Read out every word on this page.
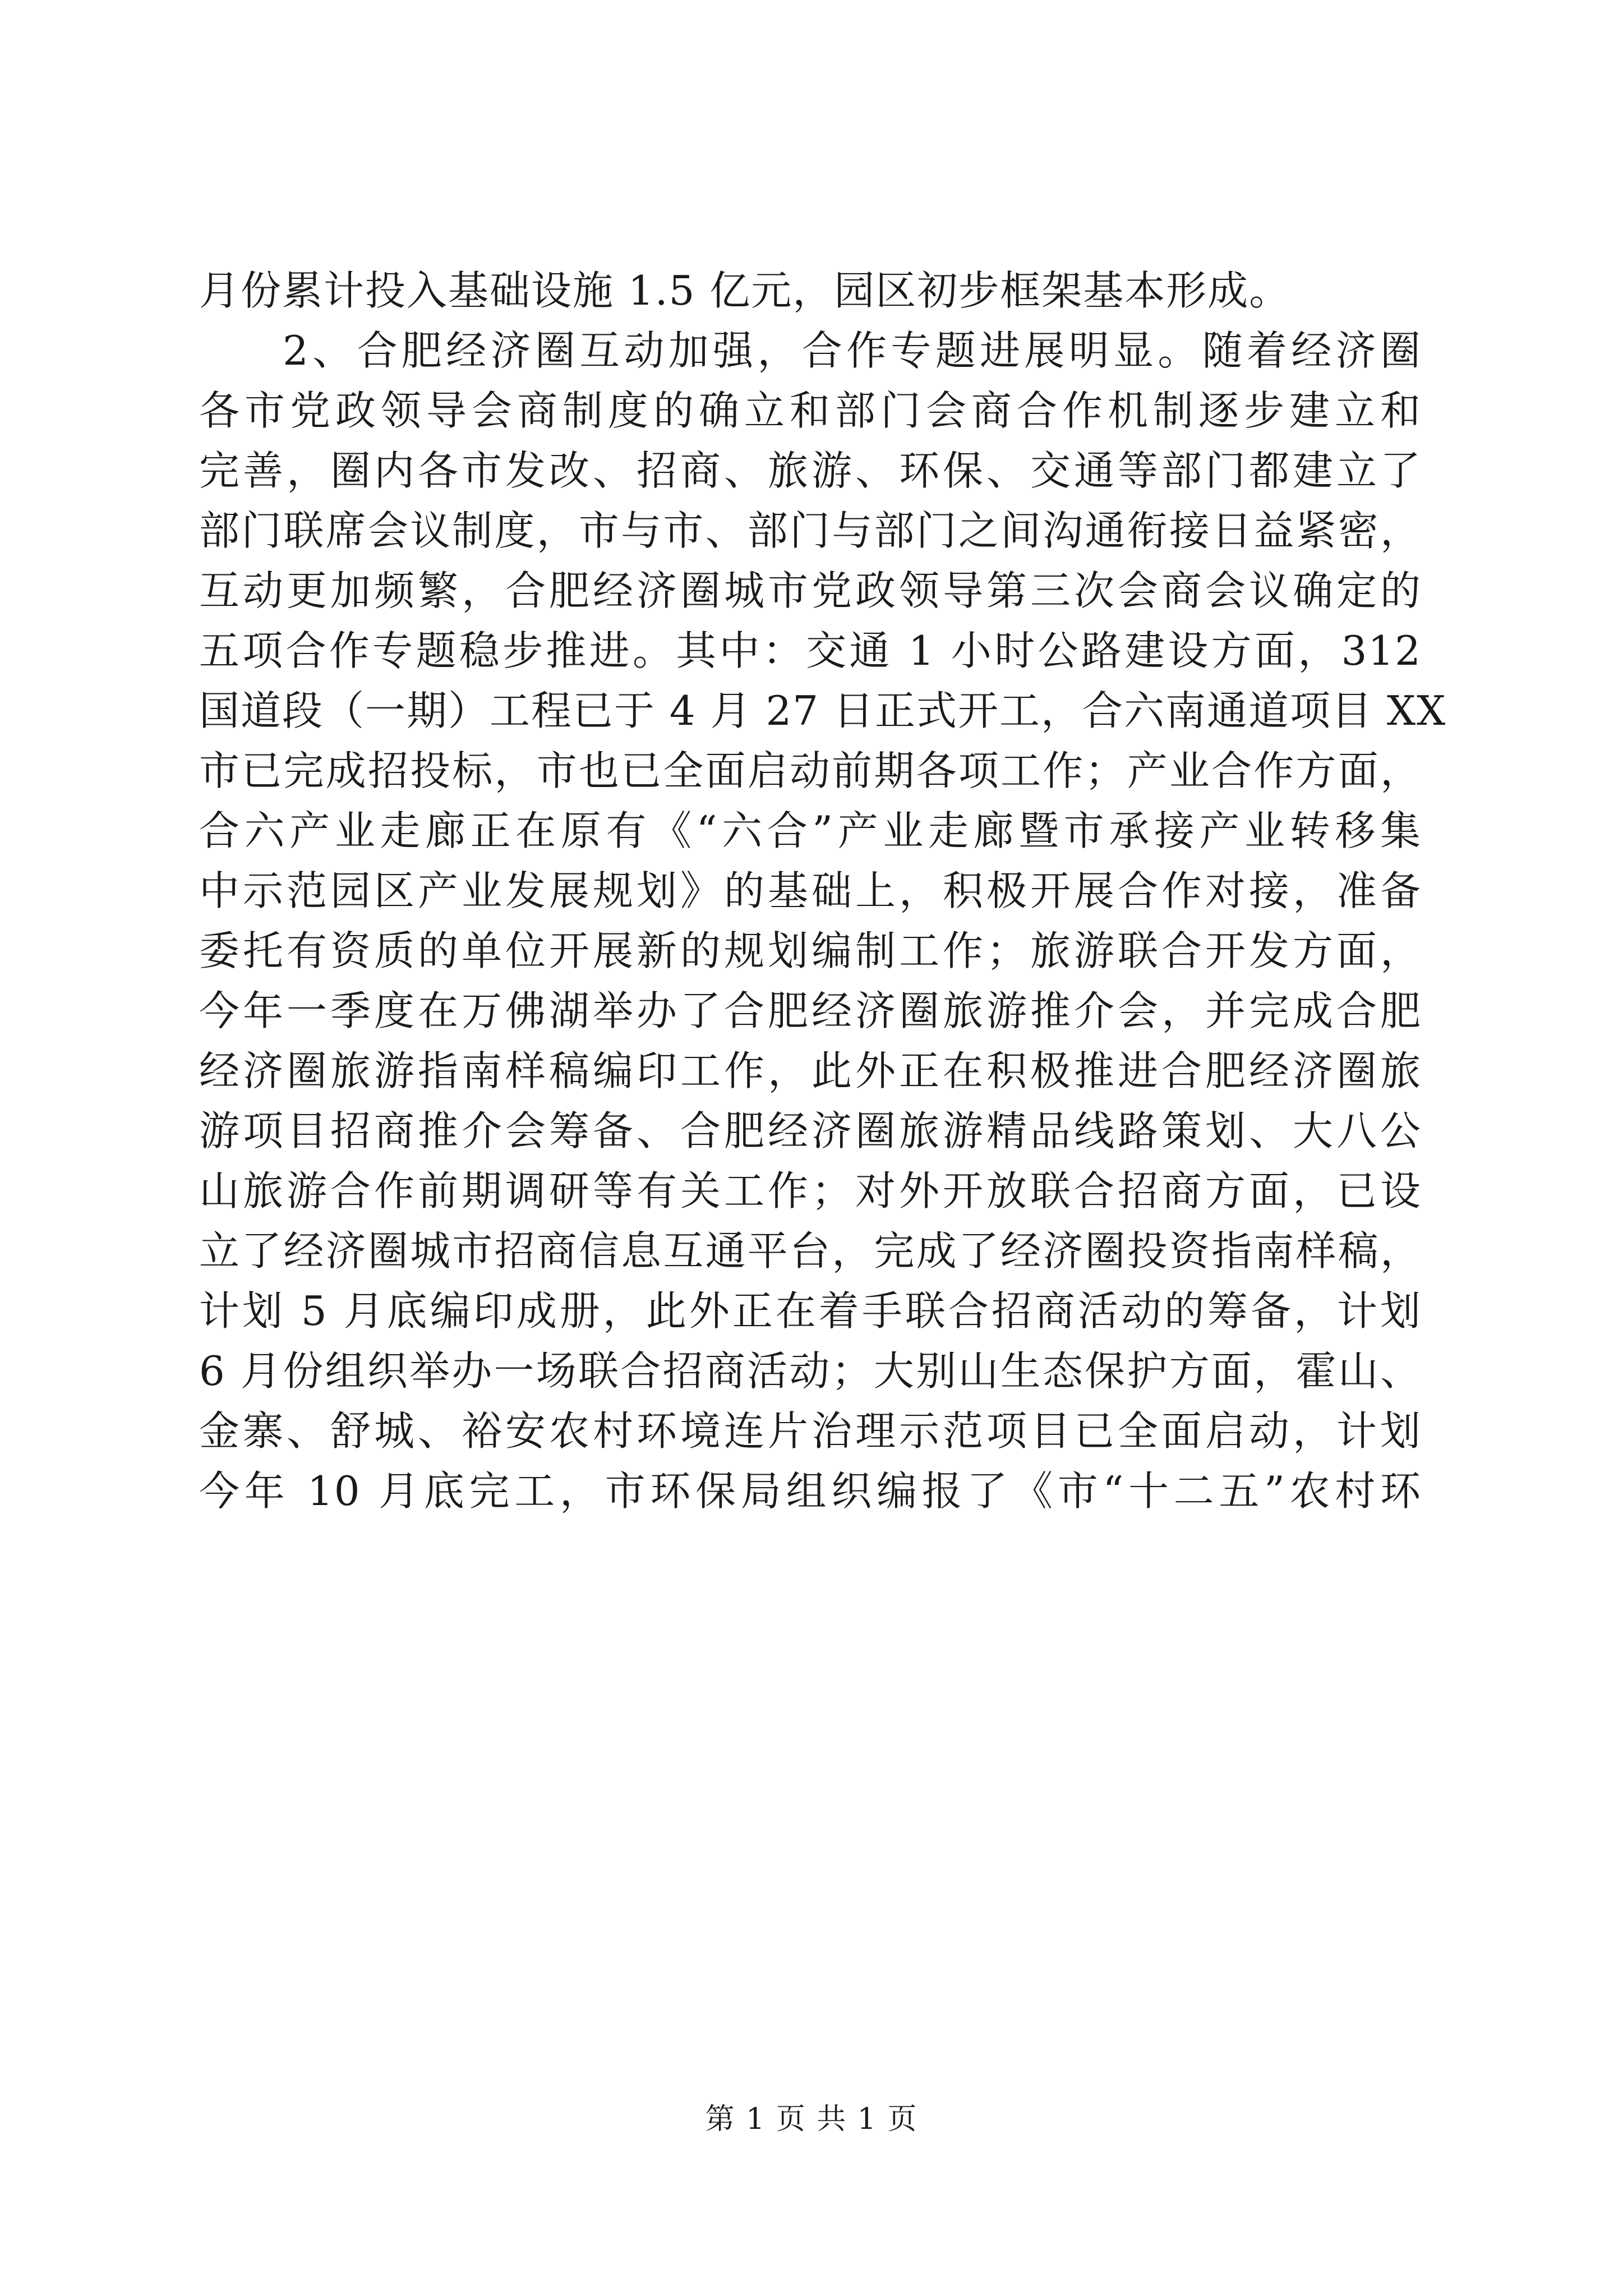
月份累计投入基础设施 1.5 亿元，园区初步框架基本形成。
2、合肥经济圈互动加强，合作专题进展明显。随着经济圈
各市党政领导会商制度的确立和部门会商合作机制逐步建立和
完善，圈内各市发改、招商、旅游、环保、交通等部门都建立了
部门联席会议制度，市与市、部门与部门之间沟通衔接日益紧密，
互动更加频繁，合肥经济圈城市党政领导第三次会商会议确定的
五项合作专题稳步推进。其中：交通 1 小时公路建设方面，312
国道段（一期）工程已于 4 月 27 日正式开工，合六南通道项目 XX
市已完成招投标，市也已全面启动前期各项工作；产业合作方面，
合六产业走廊正在原有《“六合”产业走廊暨市承接产业转移集
中示范园区产业发展规划》的基础上，积极开展合作对接，准备
委托有资质的单位开展新的规划编制工作；旅游联合开发方面，
今年一季度在万佛湖举办了合肥经济圈旅游推介会，并完成合肥
经济圈旅游指南样稿编印工作，此外正在积极推进合肥经济圈旅
游项目招商推介会筹备、合肥经济圈旅游精品线路策划、大八公
山旅游合作前期调研等有关工作；对外开放联合招商方面，已设
立了经济圈城市招商信息互通平台，完成了经济圈投资指南样稿，
计划 5 月底编印成册，此外正在着手联合招商活动的筹备，计划
6 月份组织举办一场联合招商活动；大别山生态保护方面，霍山、
金寨、舒城、裕安农村环境连片治理示范项目已全面启动，计划
今年 10 月底完工，市环保局组织编报了《市“十二五”农村环
第 1 页 共 1 页
